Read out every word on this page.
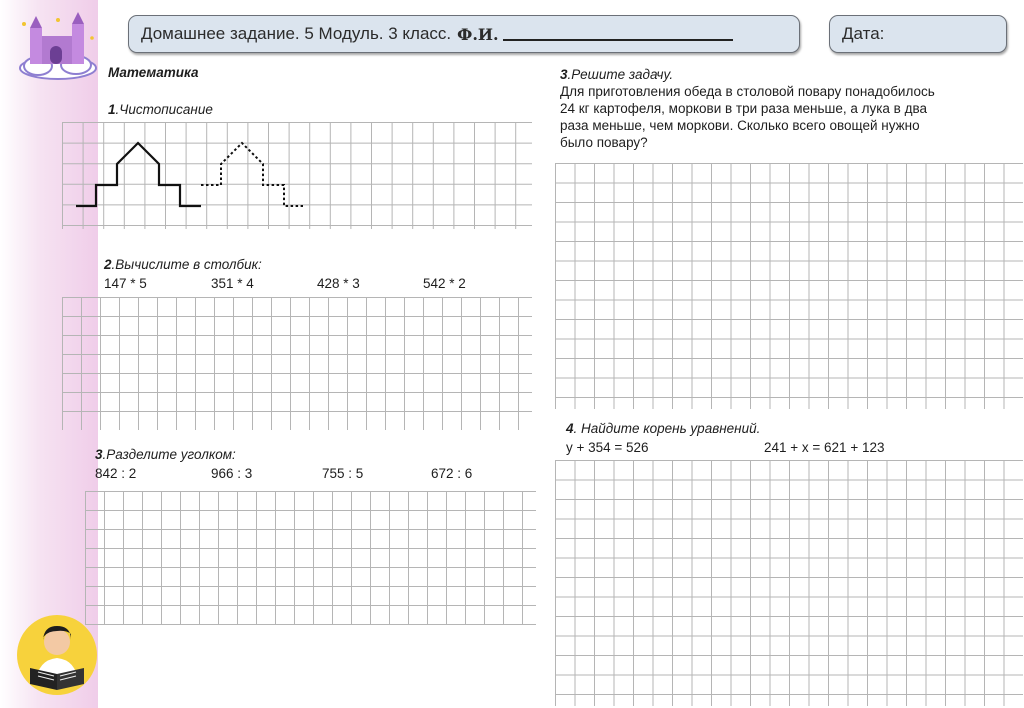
Домашнее задание. 5 Модуль. 3 класс. Ф.И.	Дата:
Математика
1.Чистописание
2.Вычислите в столбик:
147 * 5	351 * 4	428 * 3	542 * 2
3.Разделите уголком:
842 : 2	966 : 3	755 : 5	672 : 6
3.Решите задачу.
Для приготовления обеда в столовой повару понадобилось
24 кг картофеля, моркови в три раза меньше, а лука в два
раза меньше, чем моркови. Сколько всего овощей нужно
было повару?
4. Найдите корень уравнений.
y + 354 = 526	241 + x = 621 + 123
